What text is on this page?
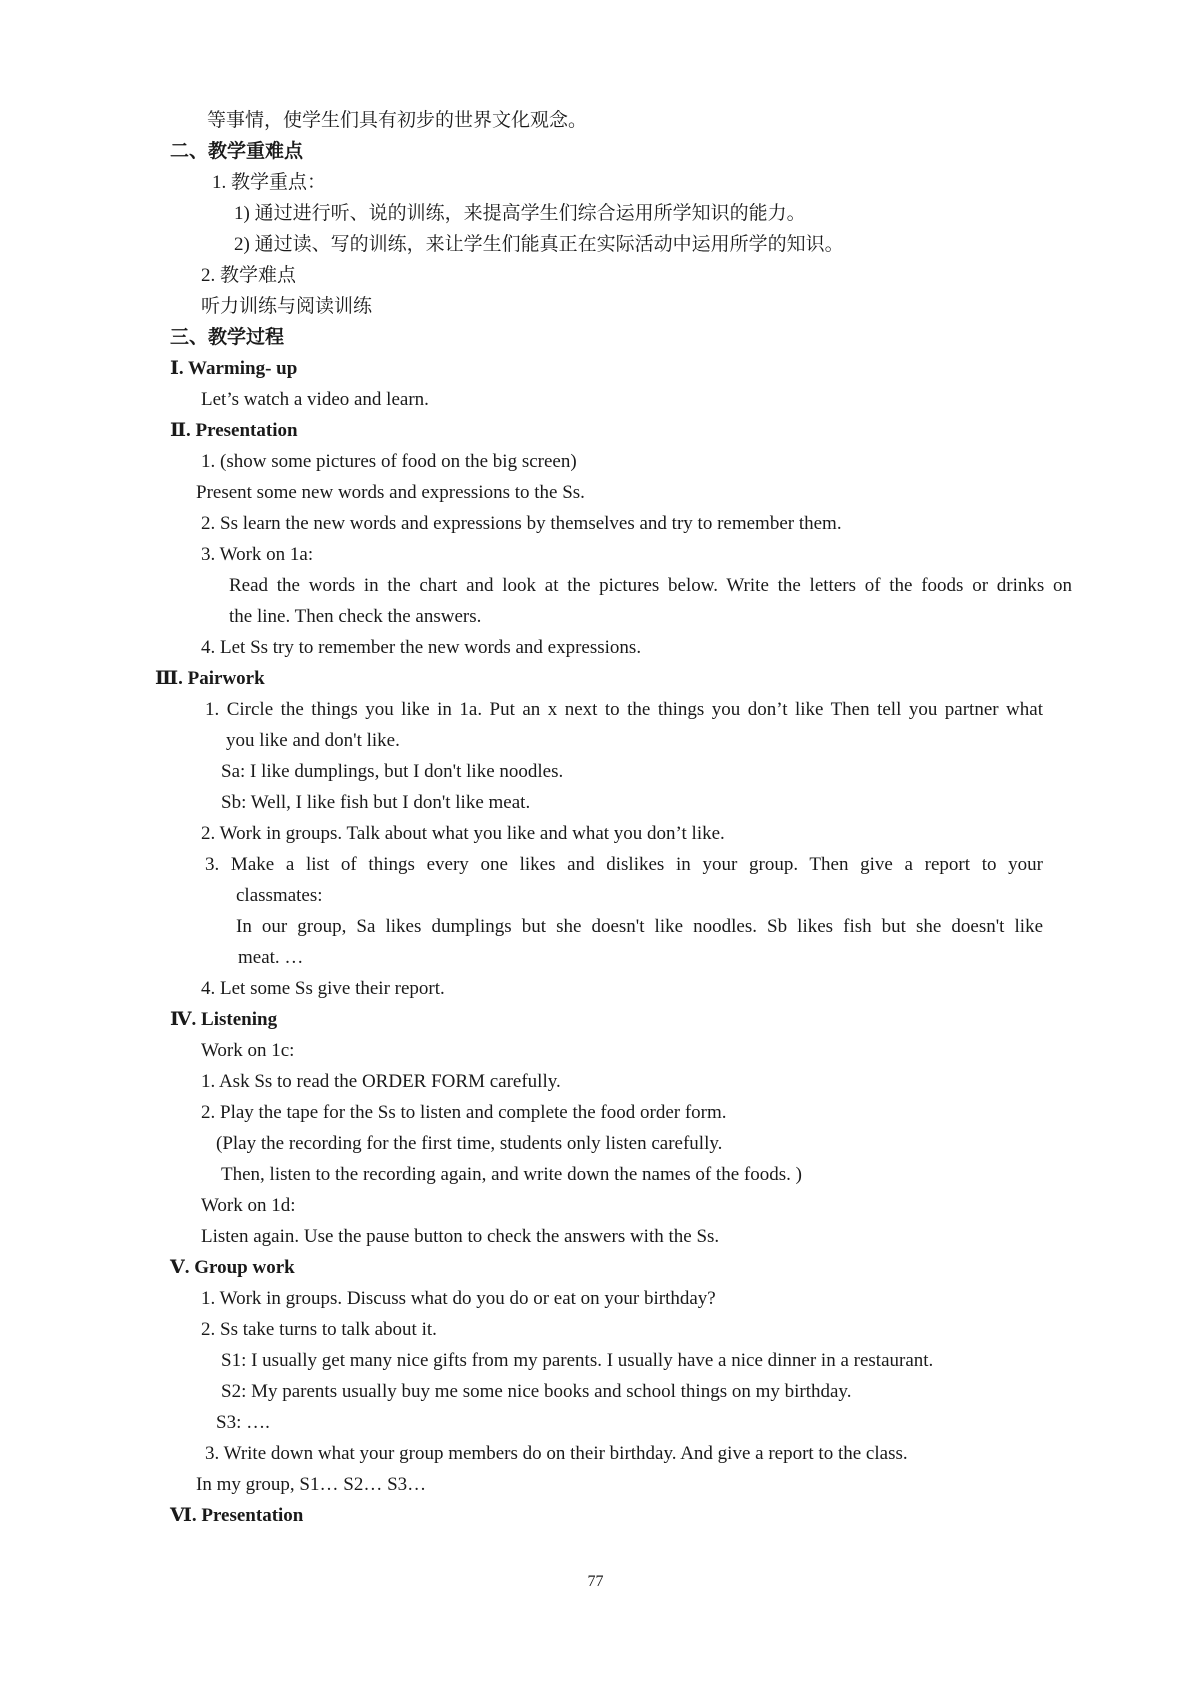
等事情，使学生们具有初步的世界文化观念。
二、教学重难点
1. 教学重点：
1) 通过进行听、说的训练，来提高学生们综合运用所学知识的能力。
2) 通过读、写的训练，来让学生们能真正在实际活动中运用所学的知识。
2. 教学难点
听力训练与阅读训练
三、教学过程
Ⅰ. Warming- up
Let’s watch a video and learn.
Ⅱ. Presentation
1. (show some pictures of food on the big screen)
Present some new words and expressions to the Ss.
2. Ss learn the new words and expressions by themselves and try to remember them.
3. Work on 1a:
Read the words in the chart and look at the pictures below. Write the letters of the foods or drinks on
the line. Then check the answers.
4. Let Ss try to remember the new words and expressions.
Ⅲ. Pairwork
1. Circle the things you like in 1a. Put an x next to the things you don’t like Then tell you partner what
you like and don't like.
Sa: I like dumplings, but I don't like noodles.
Sb: Well, I like fish but I don't like meat.
2. Work in groups. Talk about what you like and what you don’t like.
3. Make a list of things every one likes and dislikes in your group. Then give a report to your
classmates:
In our group, Sa likes dumplings but she doesn't like noodles. Sb likes fish but she doesn't like
meat. …
4. Let some Ss give their report.
Ⅳ. Listening
Work on 1c:
1. Ask Ss to read the ORDER FORM carefully.
2. Play the tape for the Ss to listen and complete the food order form.
(Play the recording for the first time, students only listen carefully.
Then, listen to the recording again, and write down the names of the foods. )
Work on 1d:
Listen again. Use the pause button to check the answers with the Ss.
Ⅴ. Group work
1. Work in groups. Discuss what do you do or eat on your birthday?
2. Ss take turns to talk about it.
S1: I usually get many nice gifts from my parents. I usually have a nice dinner in a restaurant.
S2: My parents usually buy me some nice books and school things on my birthday.
S3: ….
3. Write down what your group members do on their birthday. And give a report to the class.
In my group, S1… S2… S3…
Ⅵ. Presentation
77
